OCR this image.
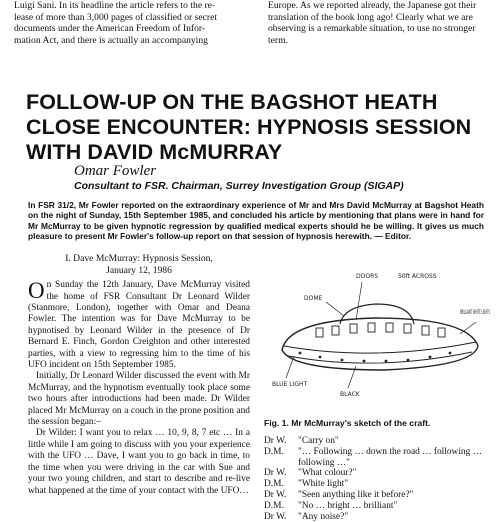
Luigi Sani. In its headline the article refers to the re-

lease of more than 3,000 pages of classified or secret

documents under the American Freedom of Infor-

mation Act, and there is actually an accompanying

Europe. As we reported already, the Japanese got their

translation of the book long ago! Clearly what we are

observing is a remarkable situation, to use no stronger

term.

FOLLOW-UP ON THE BAGSHOT HEATH CLOSE ENCOUNTER: HYPNOSIS SESSION WITH DAVID McMURRAY
Omar Fowler
Consultant to FSR. Chairman, Surrey Investigation Group (SIGAP)

In FSR 31/2, Mr Fowler reported on the extraordinary experience of Mr and Mrs David McMurray at Bagshot Heath on the night of Sunday, 15th September 1985, and concluded his article by mentioning that plans were in hand for Mr McMurray to be given hypnotic regression by qualified medical experts should he be willing. It gives us much pleasure to present Mr Fowler's follow-up report on that session of hypnosis herewith. — Editor.

I. Dave McMurray: Hypnosis Session,
January 12, 1986

On Sunday the 12th January, Dave McMurray visited the home of FSR Consultant Dr Leonard Wilder (Stanmore, London), together with Omar and Deana Fowler. The intention was for Dave McMurray to be hypnotised by Leonard Wilder in the presence of Dr Bernard E. Finch, Gordon Creighton and other interested parties, with a view to regressing him to the time of his UFO incident on 15th September 1985.

Initially, Dr Leonard Wilder discussed the event with Mr McMurray, and the hypnotism eventually took place some two hours after introductions had been made. Dr Wilder placed Mr McMurray on a couch in the prone position and the session began:–

Dr Wilder: I want you to relax … 10, 9, 8, 7 etc … In a little while I am going to discuss with you your experience with the UFO … Dave, I want you to go back in time, to the time when you were driving in the car with Sue and your two young children, and start to describe and re-live what happened at the time of your contact with the UFO…

DOORS	50ft ACROSS
DOME
BRILLIANT WHITE LIGHTS
BLUE LIGHT
BLACK
Fig. 1. Mr McMurray's sketch of the craft.
Dr W.	"Carry on"
D.M.	"… Following … down the road … following … following …"
Dr W.	"What colour?"
D.M.	"White light"
Dr W.	"Seen anything like it before?"
D.M.	"No … bright … brilliant"
Dr W.	"Any noise?"
